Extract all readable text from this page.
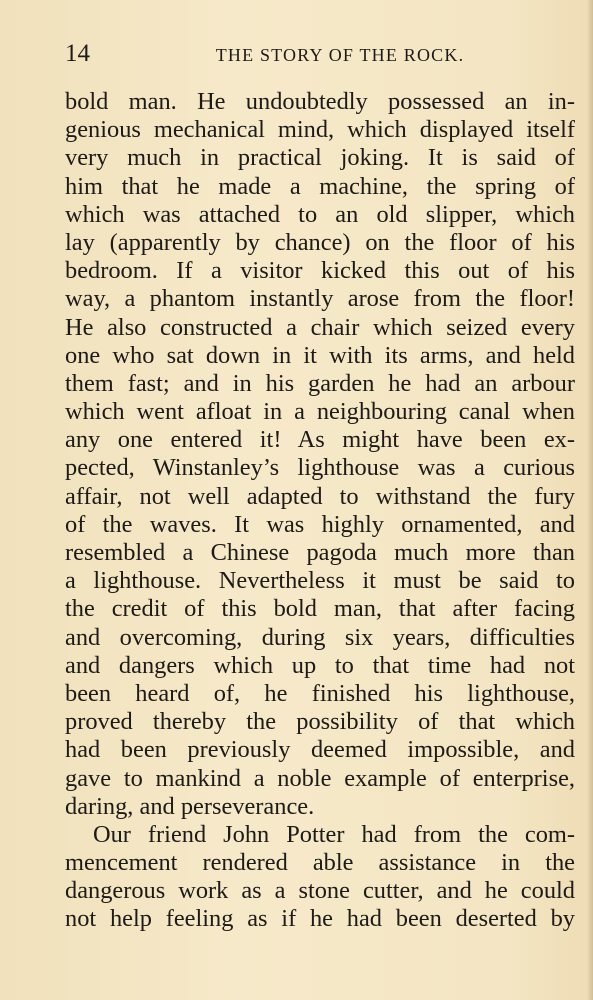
14	THE STORY OF THE ROCK.
bold man. He undoubtedly possessed an in-
genious mechanical mind, which displayed itself
very much in practical joking. It is said of
him that he made a machine, the spring of
which was attached to an old slipper, which
lay (apparently by chance) on the floor of his
bedroom. If a visitor kicked this out of his
way, a phantom instantly arose from the floor!
He also constructed a chair which seized every
one who sat down in it with its arms, and held
them fast; and in his garden he had an arbour
which went afloat in a neighbouring canal when
any one entered it! As might have been ex-
pected, Winstanley’s lighthouse was a curious
affair, not well adapted to withstand the fury
of the waves. It was highly ornamented, and
resembled a Chinese pagoda much more than
a lighthouse. Nevertheless it must be said to
the credit of this bold man, that after facing
and overcoming, during six years, difficulties
and dangers which up to that time had not
been heard of, he finished his lighthouse,
proved thereby the possibility of that which
had been previously deemed impossible, and
gave to mankind a noble example of enterprise,
daring, and perseverance.
Our friend John Potter had from the com-
mencement rendered able assistance in the
dangerous work as a stone cutter, and he could
not help feeling as if he had been deserted by
